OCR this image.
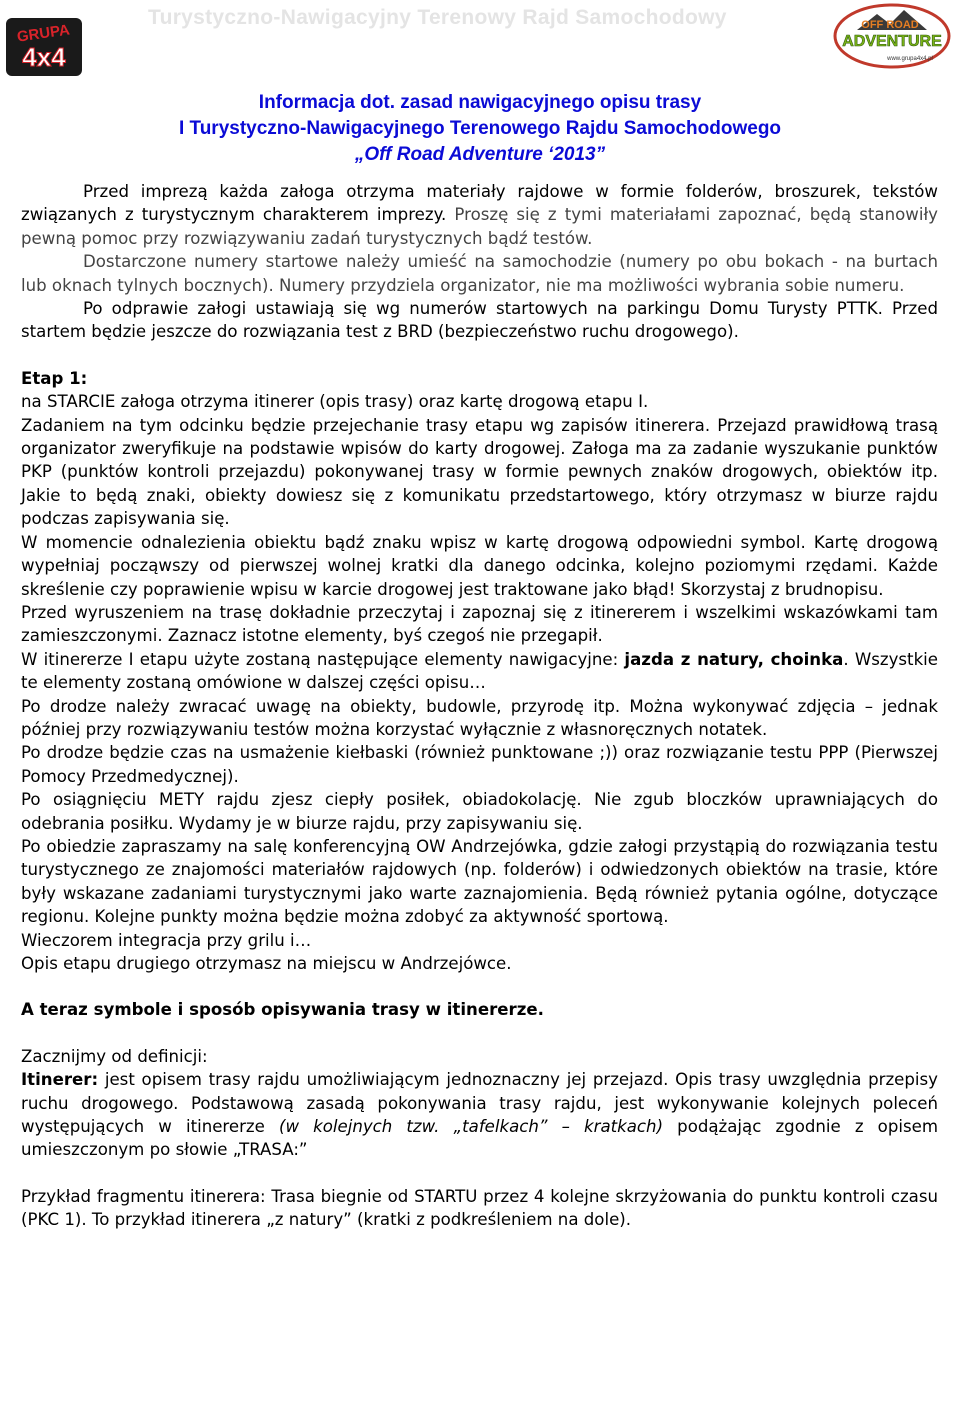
Turystyczno-Nawigacyjny Terenowy Rajd Samochodowy
GRUPA
4x4
OFF ROAD
ADVENTURE
www.grupa4x4.pl
Informacja dot. zasad nawigacyjnego opisu trasy
I Turystyczno-Nawigacyjnego Terenowego Rajdu Samochodowego
„Off Road Adventure ‘2013”

Przed imprezą każda załoga otrzyma materiały rajdowe w formie folderów, broszurek, tekstów związanych z turystycznym charakterem imprezy. Proszę się z tymi materiałami zapoznać, będą stanowiły pewną pomoc przy rozwiązywaniu zadań turystycznych bądź testów.

Dostarczone numery startowe należy umieść na samochodzie (numery po obu bokach - na burtach lub oknach tylnych bocznych). Numery przydziela organizator, nie ma możliwości wybrania sobie numeru.

Po odprawie załogi ustawiają się wg numerów startowych na parkingu Domu Turysty PTTK. Przed startem będzie jeszcze do rozwiązania test z BRD (bezpieczeństwo ruchu drogowego).

Etap 1:

na STARCIE załoga otrzyma itinerer (opis trasy) oraz kartę drogową etapu I.

Zadaniem na tym odcinku będzie przejechanie trasy etapu wg zapisów itinerera. Przejazd prawidłową trasą organizator zweryfikuje na podstawie wpisów do karty drogowej. Załoga ma za zadanie wyszukanie punktów PKP (punktów kontroli przejazdu) pokonywanej trasy w formie pewnych znaków drogowych, obiektów itp. Jakie to będą znaki, obiekty dowiesz się z komunikatu przedstartowego, który otrzymasz w biurze rajdu podczas zapisywania się.

W momencie odnalezienia obiektu bądź znaku wpisz w kartę drogową odpowiedni symbol. Kartę drogową wypełniaj począwszy od pierwszej wolnej kratki dla danego odcinka, kolejno poziomymi rzędami. Każde skreślenie czy poprawienie wpisu w karcie drogowej jest traktowane jako błąd! Skorzystaj z brudnopisu.

Przed wyruszeniem na trasę dokładnie przeczytaj i zapoznaj się z itinererem i wszelkimi wskazówkami tam zamieszczonymi. Zaznacz istotne elementy, byś czegoś nie przegapił.

W itinererze I etapu użyte zostaną następujące elementy nawigacyjne: jazda z natury, choinka. Wszystkie te elementy zostaną omówione w dalszej części opisu…

Po drodze należy zwracać uwagę na obiekty, budowle, przyrodę itp. Można wykonywać zdjęcia – jednak później przy rozwiązywaniu testów można korzystać wyłącznie z własnoręcznych notatek.

Po drodze będzie czas na usmażenie kiełbaski (również punktowane ;)) oraz rozwiązanie testu PPP (Pierwszej Pomocy Przedmedycznej).

Po osiągnięciu METY rajdu zjesz ciepły posiłek, obiadokolację. Nie zgub bloczków uprawniających do odebrania posiłku. Wydamy je w biurze rajdu, przy zapisywaniu się.

Po obiedzie zapraszamy na salę konferencyjną OW Andrzejówka, gdzie załogi przystąpią do rozwiązania testu turystycznego ze znajomości materiałów rajdowych (np. folderów) i odwiedzonych obiektów na trasie, które były wskazane zadaniami turystycznymi jako warte zaznajomienia. Będą również pytania ogólne, dotyczące regionu. Kolejne punkty można będzie można zdobyć za aktywność sportową.

Wieczorem integracja przy grilu i…

Opis etapu drugiego otrzymasz na miejscu w Andrzejówce.

A teraz symbole i sposób opisywania trasy w itinererze.

Zacznijmy od definicji:

Itinerer: jest opisem trasy rajdu umożliwiającym jednoznaczny jej przejazd. Opis trasy uwzględnia przepisy ruchu drogowego. Podstawową zasadą pokonywania trasy rajdu, jest wykonywanie kolejnych poleceń występujących w itinererze (w kolejnych tzw. „tafelkach” – kratkach) podążając zgodnie z opisem umieszczonym po słowie „TRASA:”

Przykład fragmentu itinerera: Trasa biegnie od STARTU przez 4 kolejne skrzyżowania do punktu kontroli czasu (PKC 1). To przykład itinerera „z natury” (kratki z podkreśleniem na dole).
